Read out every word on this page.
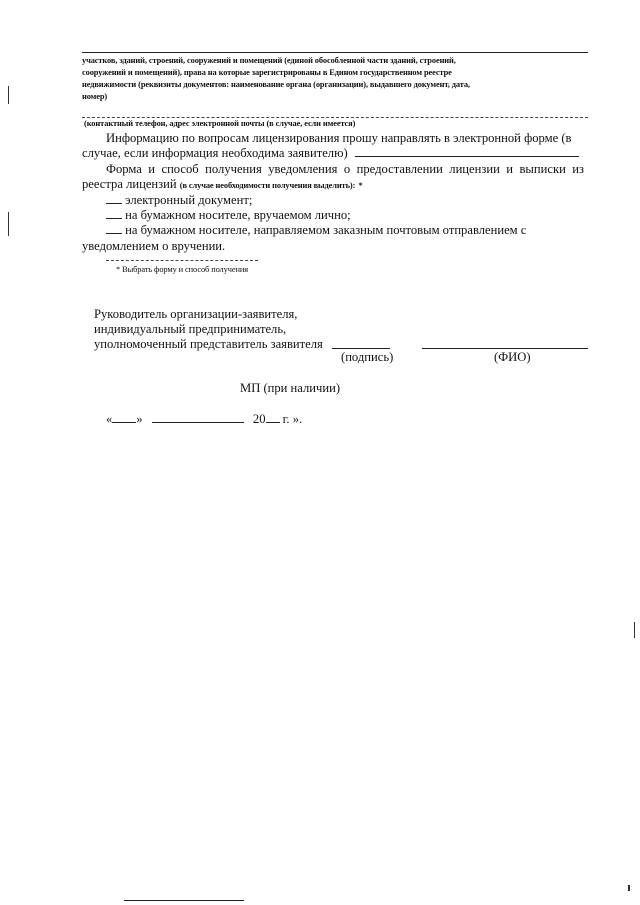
участков, зданий, строений, сооружений и помещений (единой обособленной части зданий, строений,
сооружений и помещений), права на которые зарегистрированы в Едином государственном реестре
недвижимости (реквизиты документов: наименование органа (организации), выдавшего документ, дата,
номер)
(контактный телефон, адрес электронной почты (в случае, если имеется)
Информацию по вопросам лицензирования прошу направлять в электронной форме (в
случае, если информация необходима заявителю)
Форма и способ получения уведомления о предоставлении лицензии и выписки из
реестра лицензий (в случае необходимости получения выделить): *
электронный документ;
на бумажном носителе, вручаемом лично;
на бумажном носителе, направляемом заказным почтовым отправлением с
уведомлением о вручении.
* Выбрать форму и способ получения
Руководитель организации-заявителя,
индивидуальный предприниматель,
уполномоченный представитель заявителя
(подпись)	(ФИО)
МП (при наличии)
« »	20 г. ».
